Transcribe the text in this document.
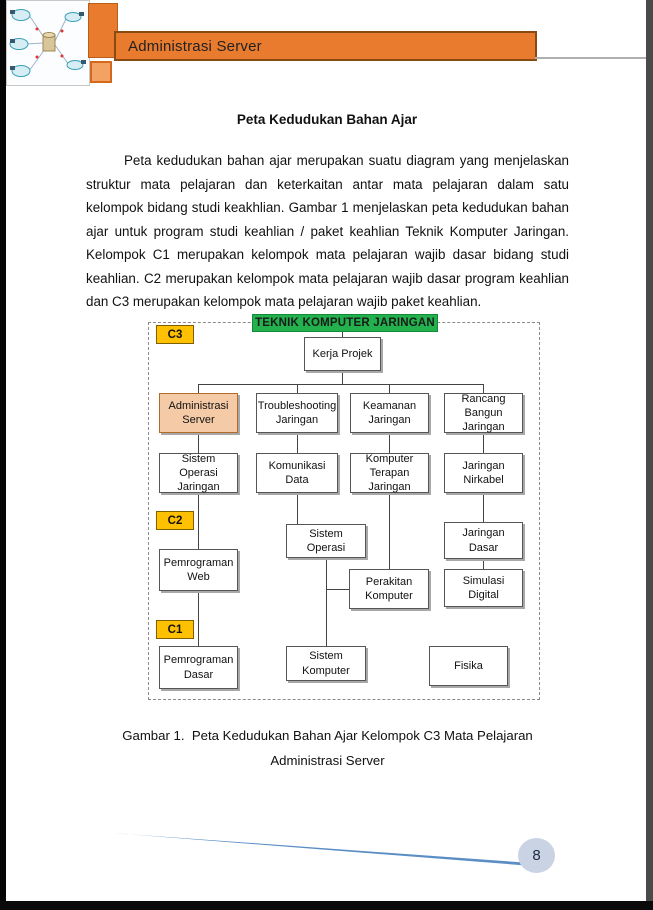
Administrasi Server
Peta Kedudukan Bahan Ajar
Peta kedudukan bahan ajar merupakan suatu diagram yang menjelaskan struktur mata pelajaran dan keterkaitan antar mata pelajaran dalam satu kelompok bidang studi keakhlian. Gambar 1 menjelaskan peta kedudukan bahan ajar untuk program studi keahlian / paket keahlian Teknik Komputer Jaringan. Kelompok C1 merupakan kelompok mata pelajaran wajib dasar bidang studi keahlian. C2 merupakan kelompok mata pelajaran wajib dasar program keahlian dan C3 merupakan kelompok mata pelajaran wajib paket keahlian.
TEKNIK KOMPUTER JARINGAN
C3
C2
C1
Kerja Projek
Administrasi Server
Troubleshooting Jaringan
Keamanan Jaringan
Rancang Bangun Jaringan
Sistem Operasi Jaringan
Komunikasi Data
Komputer Terapan Jaringan
Jaringan Nirkabel
Sistem Operasi
Jaringan Dasar
Pemrograman Web	Perakitan Komputer
Simulasi Digital
Pemrograman Dasar
Sistem Komputer	Fisika
Gambar 1.  Peta Kedudukan Bahan Ajar Kelompok C3 Mata Pelajaran
Administrasi Server
8
